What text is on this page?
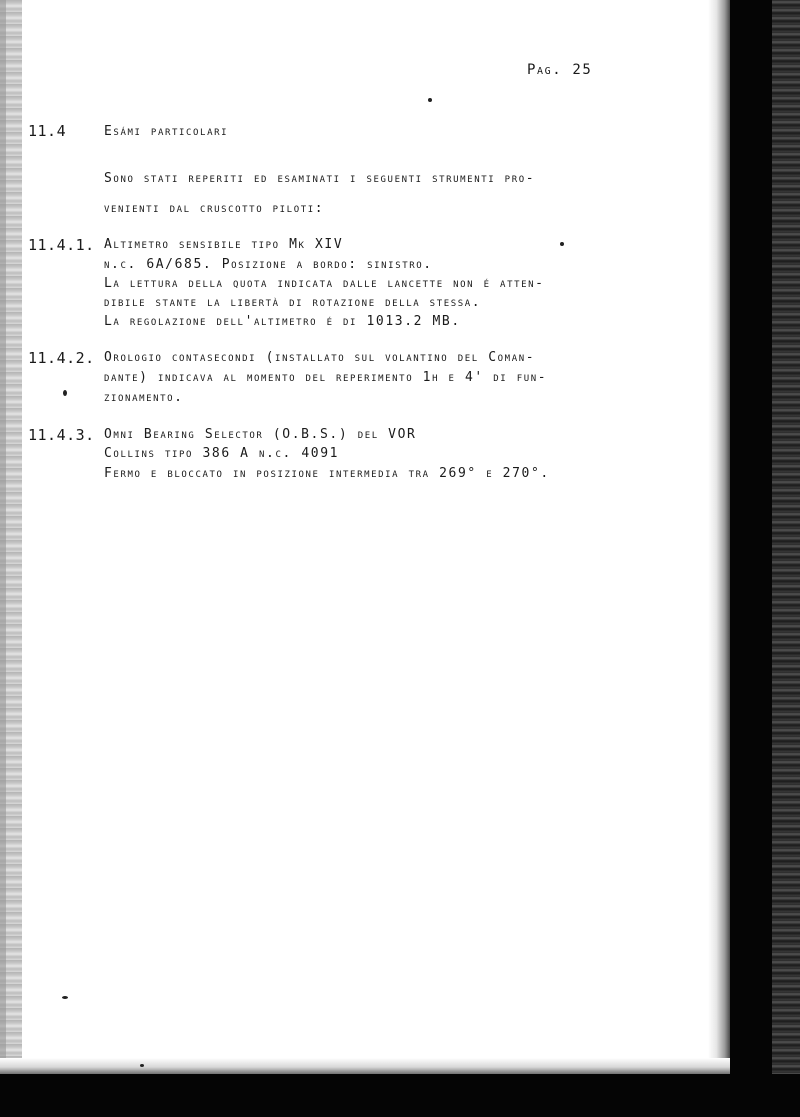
Pag. 25
11.4	Esámi particolari
Sono stati reperiti ed esaminati i seguenti strumenti pro-
venienti dal cruscotto piloti:
11.4.1. Altimetro sensibile tipo Mk XIV
n.c. 6A/685. Posizione a bordo: sinistro.
La lettura della quota indicata dalle lancette non é atten-
dibile stante la libertà di rotazione della stessa.
La regolazione dell'altimetro é di 1013.2 MB.
11.4.2. Orologio contasecondi (installato sul volantino del Coman-
dante) indicava al momento del reperimento 1h e 4' di fun-
zionamento.
11.4.3. Omni Bearing Selector (O.B.S.) del VOR
Collins tipo 386 A n.c. 4091
Fermo e bloccato in posizione intermedia tra 269° e 270°.
